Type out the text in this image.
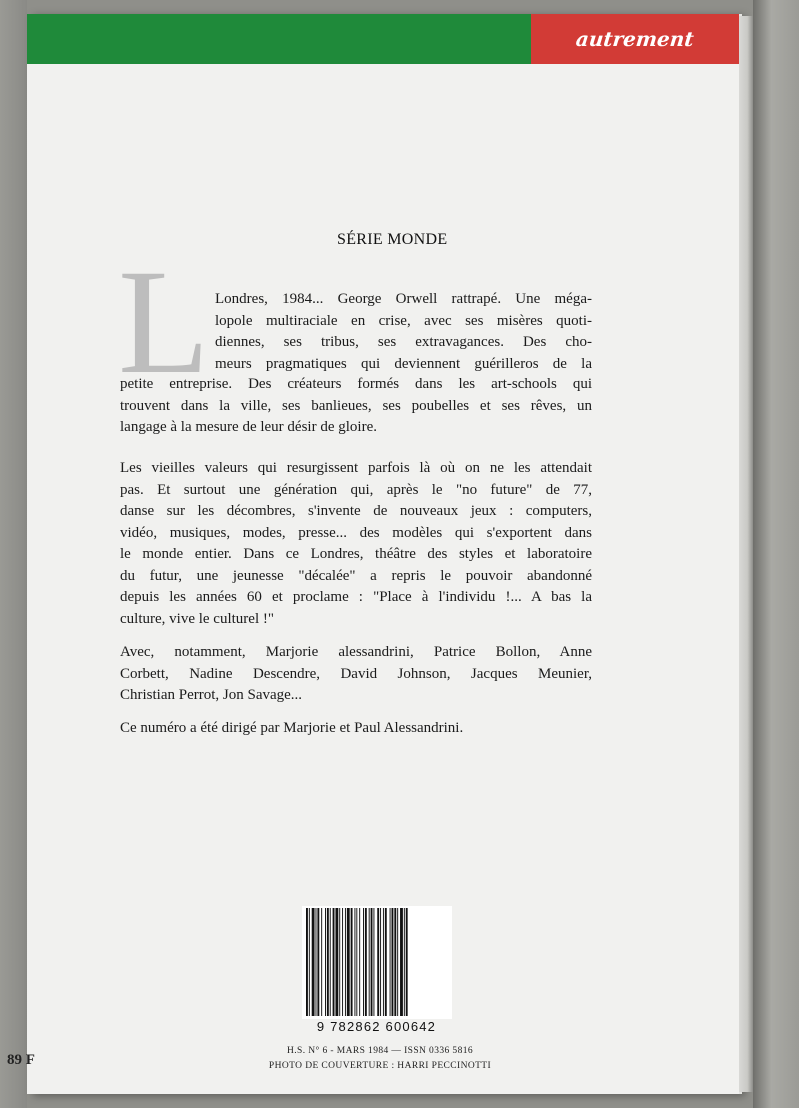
autrement
SÉRIE MONDE
L Londres, 1984... George Orwell rattrapé. Une méga-
lopole multiraciale en crise, avec ses misères quoti-
diennes, ses tribus, ses extravagances. Des cho-
meurs pragmatiques qui deviennent guérilleros de la
petite entreprise. Des créateurs formés dans les art-schools qui
trouvent dans la ville, ses banlieues, ses poubelles et ses rêves, un
langage à la mesure de leur désir de gloire.
Les vieilles valeurs qui resurgissent parfois là où on ne les attendait
pas. Et surtout une génération qui, après le "no future" de 77,
danse sur les décombres, s'invente de nouveaux jeux : computers,
vidéo, musiques, modes, presse... des modèles qui s'exportent dans
le monde entier. Dans ce Londres, théâtre des styles et laboratoire
du futur, une jeunesse "décalée" a repris le pouvoir abandonné
depuis les années 60 et proclame : "Place à l'individu !... A bas la
culture, vive le culturel !"
Avec, notamment, Marjorie alessandrini, Patrice Bollon, Anne
Corbett, Nadine Descendre, David Johnson, Jacques Meunier,
Christian Perrot, Jon Savage...
Ce numéro a été dirigé par Marjorie et Paul Alessandrini.
9 782862 600642
H.S. N° 6 - MARS 1984 — ISSN 0336 5816
PHOTO DE COUVERTURE : HARRI PECCINOTTI
89 F
